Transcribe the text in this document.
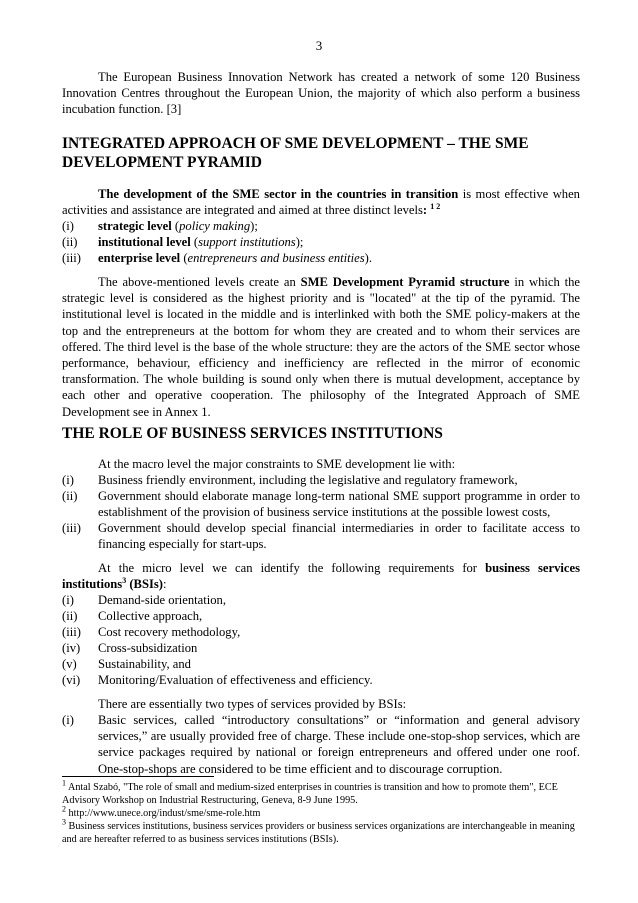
3

The European Business Innovation Network has created a network of some 120 Business Innovation Centres throughout the European Union, the majority of which also perform a business incubation function. [3]

INTEGRATED APPROACH OF SME DEVELOPMENT – THE SME DEVELOPMENT PYRAMID

The development of the SME sector in the countries in transition is most effective when activities and assistance are integrated and aimed at three distinct levels: $^{1 2}$

(i)	strategic level (policy making);
(ii)	institutional level (support institutions);
(iii)	enterprise level (entrepreneurs and business entities).

The above-mentioned levels create an SME Development Pyramid structure in which the strategic level is considered as the highest priority and is "located" at the tip of the pyramid. The institutional level is located in the middle and is interlinked with both the SME policy-makers at the top and the entrepreneurs at the bottom for whom they are created and to whom their services are offered. The third level is the base of the whole structure: they are the actors of the SME sector whose performance, behaviour, efficiency and inefficiency are reflected in the mirror of economic transformation. The whole building is sound only when there is mutual development, acceptance by each other and operative cooperation. The philosophy of the Integrated Approach of SME Development see in Annex 1.

THE ROLE OF BUSINESS SERVICES INSTITUTIONS

At the macro level the major constraints to SME development lie with:

(i)	Business friendly environment, including the legislative and regulatory framework,
(ii)	Government should elaborate manage long-term national SME support programme in order to establishment of the provision of business service institutions at the possible lowest costs,
(iii)	Government should develop special financial intermediaries in order to facilitate access to financing especially for start-ups.

At the micro level we can identify the following requirements for business services institutions$^3$ (BSIs):

(i)	Demand-side orientation,
(ii)	Collective approach,
(iii)	Cost recovery methodology,
(iv)	Cross-subsidization
(v)	Sustainability, and
(vi)	Monitoring/Evaluation of effectiveness and efficiency.

There are essentially two types of services provided by BSIs:

(i)	Basic services, called “introductory consultations” or “information and general advisory services,” are usually provided free of charge. These include one-stop-shop services, which are service packages required by national or foreign entrepreneurs and offered under one roof. One-stop-shops are considered to be time efficient and to discourage corruption.

$^1$ Antal Szabó, "The role of small and medium-sized enterprises in countries is transition and how to promote them", ECE Advisory Workshop on Industrial Restructuring, Geneva, 8-9 June 1995.

$^2$ http://www.unece.org/indust/sme/sme-role.htm

$^3$ Business services institutions, business services providers or business services organizations are interchangeable in meaning and are hereafter referred to as business services institutions (BSIs).
